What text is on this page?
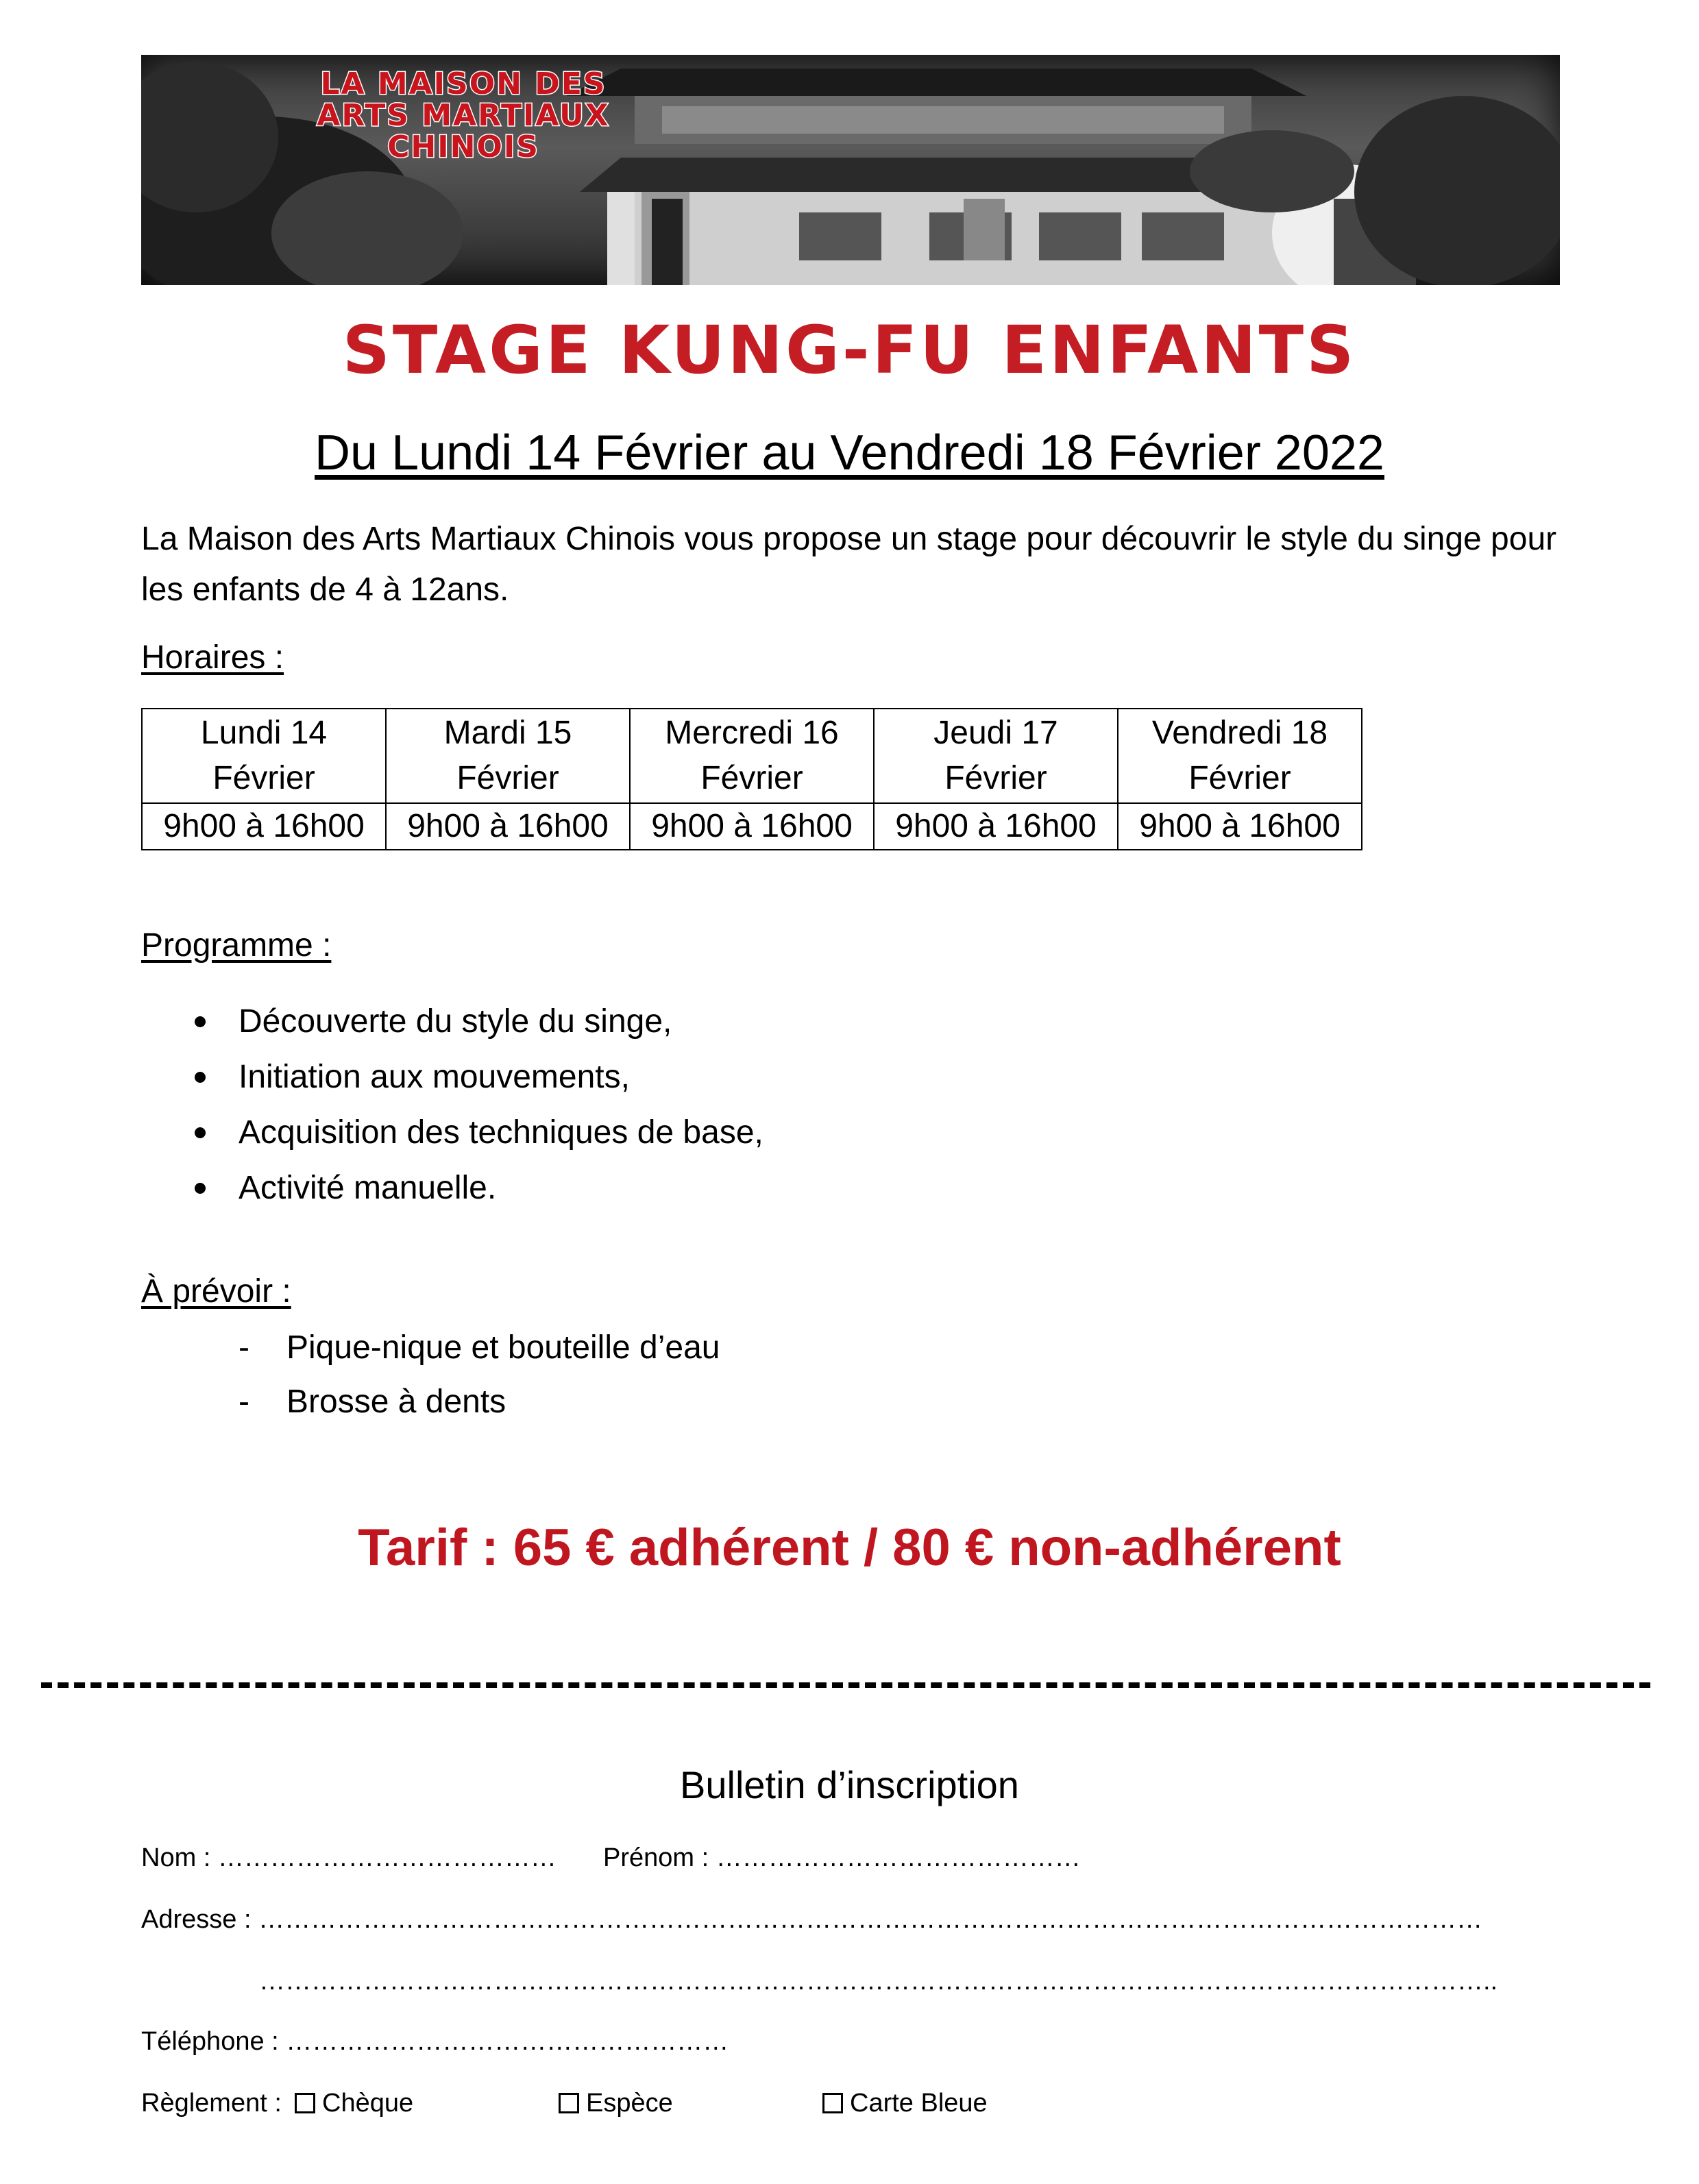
LA MAISON DES ARTS MARTIAUX CHINOIS
STAGE KUNG-FU ENFANTS
Du Lundi 14 Février au Vendredi 18 Février 2022
La Maison des Arts Martiaux Chinois vous propose un stage pour découvrir le style du singe pour les enfants de 4 à 12ans.
Horaires :
Lundi 14
Février	Mardi 15
Février	Mercredi 16
Février	Jeudi 17
Février	Vendredi 18
Février
9h00 à 16h00	9h00 à 16h00	9h00 à 16h00	9h00 à 16h00	9h00 à 16h00
Programme :
Découverte du style du singe,
Initiation aux mouvements,
Acquisition des techniques de base,
Activité manuelle.
À prévoir :
- Pique-nique et bouteille d’eau
- Brosse à dents
Tarif : 65 € adhérent / 80 € non-adhérent
Bulletin d’inscription
Nom : ………………………………… Prénom : ……………………………………
Adresse : ……………………………………………………………………………………………………………………………
……………………………………………………………………………………………………………………………..
Téléphone : ……………………………………………
Règlement :	Chèque	Espèce	Carte Bleue
